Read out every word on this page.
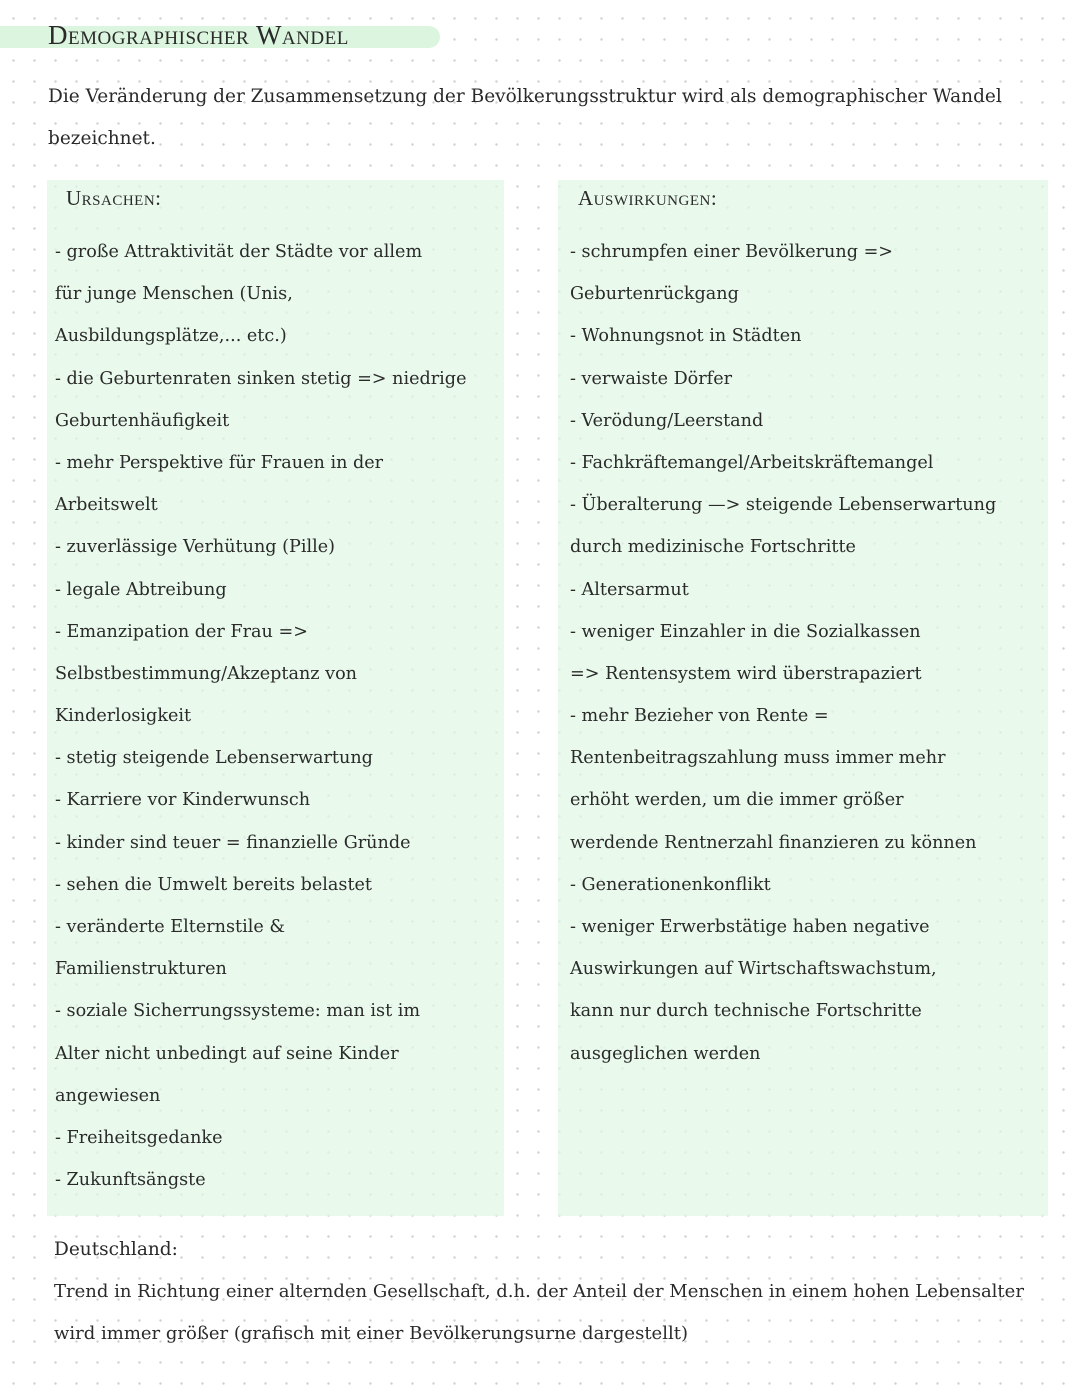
Demographischer Wandel
Die Veränderung der Zusammensetzung der Bevölkerungsstruktur wird als demographischer Wandel bezeichnet.
Ursachen:
- große Attraktivität der Städte vor allem
für junge Menschen (Unis,
Ausbildungsplätze,... etc.)
- die Geburtenraten sinken stetig => niedrige
Geburtenhäufigkeit
- mehr Perspektive für Frauen in der
Arbeitswelt
- zuverlässige Verhütung (Pille)
- legale Abtreibung
- Emanzipation der Frau =>
Selbstbestimmung/Akzeptanz von
Kinderlosigkeit
- stetig steigende Lebenserwartung
- Karriere vor Kinderwunsch
- kinder sind teuer = finanzielle Gründe
- sehen die Umwelt bereits belastet
- veränderte Elternstile &
Familienstrukturen
- soziale Sicherrungssysteme: man ist im
Alter nicht unbedingt auf seine Kinder
angewiesen
- Freiheitsgedanke
- Zukunftsängste
Auswirkungen:
- schrumpfen einer Bevölkerung =>
Geburtenrückgang
- Wohnungsnot in Städten
- verwaiste Dörfer
- Verödung/Leerstand
- Fachkräftemangel/Arbeitskräftemangel
- Überalterung —> steigende Lebenserwartung
durch medizinische Fortschritte
- Altersarmut
- weniger Einzahler in die Sozialkassen
=> Rentensystem wird überstrapaziert
- mehr Bezieher von Rente =
Rentenbeitragszahlung muss immer mehr
erhöht werden, um die immer größer
werdende Rentnerzahl finanzieren zu können
- Generationenkonflikt
- weniger Erwerbstätige haben negative
Auswirkungen auf Wirtschaftswachstum,
kann nur durch technische Fortschritte
ausgeglichen werden
Deutschland:
Trend in Richtung einer alternden Gesellschaft, d.h. der Anteil der Menschen in einem hohen Lebensalter wird immer größer (grafisch mit einer Bevölkerungsurne dargestellt)
